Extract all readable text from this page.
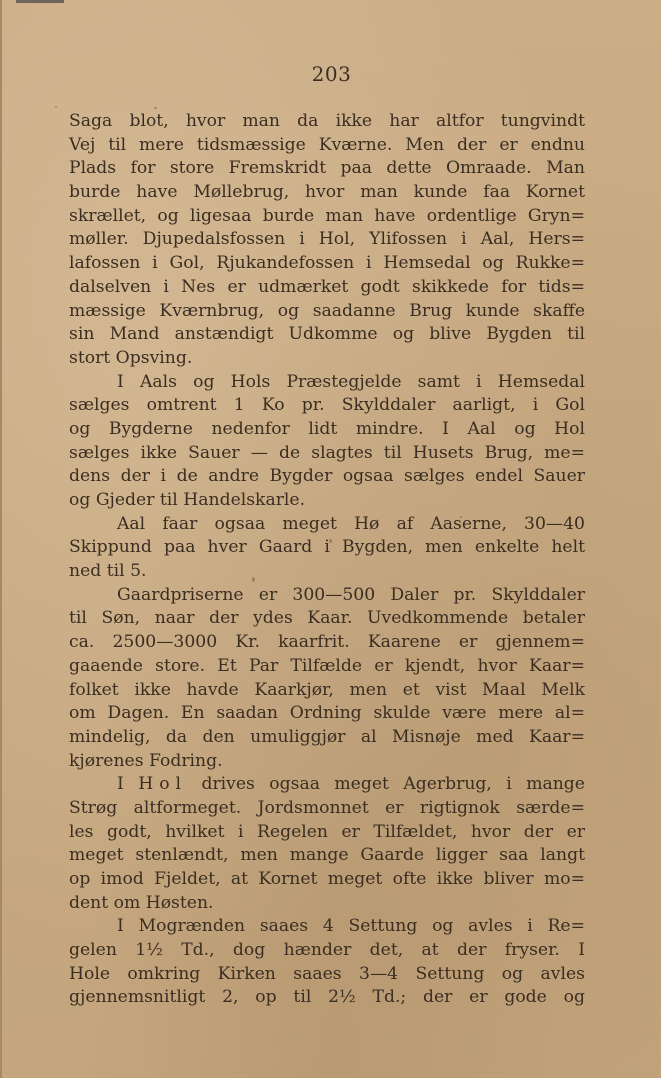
203
Saga blot, hvor man da ikke har altfor tungvindt
Vej til mere tidsmæssige Kværne. Men der er endnu
Plads for store Fremskridt paa dette Omraade. Man
burde have Møllebrug, hvor man kunde faa Kornet
skrællet, og ligesaa burde man have ordentlige Gryn=
møller. Djupedalsfossen i Hol, Ylifossen i Aal, Hers=
lafossen i Gol, Rjukandefossen i Hemsedal og Rukke=
dalselven i Nes er udmærket godt skikkede for tids=
mæssige Kværnbrug, og saadanne Brug kunde skaffe
sin Mand anstændigt Udkomme og blive Bygden til
stort Opsving.
I Aals og Hols Præstegjelde samt i Hemsedal
sælges omtrent 1 Ko pr. Skylddaler aarligt, i Gol
og Bygderne nedenfor lidt mindre. I Aal og Hol
sælges ikke Sauer — de slagtes til Husets Brug, me=
dens der i de andre Bygder ogsaa sælges endel Sauer
og Gjeder til Handelskarle.
Aal faar ogsaa meget Hø af Aaserne, 30—40
Skippund paa hver Gaard i Bygden, men enkelte helt
ned til 5.
Gaardpriserne er 300—500 Daler pr. Skylddaler
til Søn, naar der ydes Kaar. Uvedkommende betaler
ca. 2500—3000 Kr. kaarfrit. Kaarene er gjennem=
gaaende store. Et Par Tilfælde er kjendt, hvor Kaar=
folket ikke havde Kaarkjør, men et vist Maal Melk
om Dagen. En saadan Ordning skulde være mere al=
mindelig, da den umuliggjør al Misnøje med Kaar=
kjørenes Fodring.
I Hol drives ogsaa meget Agerbrug, i mange
Strøg altformeget. Jordsmonnet er rigtignok særde=
les godt, hvilket i Regelen er Tilfældet, hvor der er
meget stenlændt, men mange Gaarde ligger saa langt
op imod Fjeldet, at Kornet meget ofte ikke bliver mo=
dent om Høsten.
I Mogrænden saaes 4 Settung og avles i Re=
gelen 1½ Td., dog hænder det, at der fryser. I
Hole omkring Kirken saaes 3—4 Settung og avles
gjennemsnitligt 2, op til 2½ Td.; der er gode og
